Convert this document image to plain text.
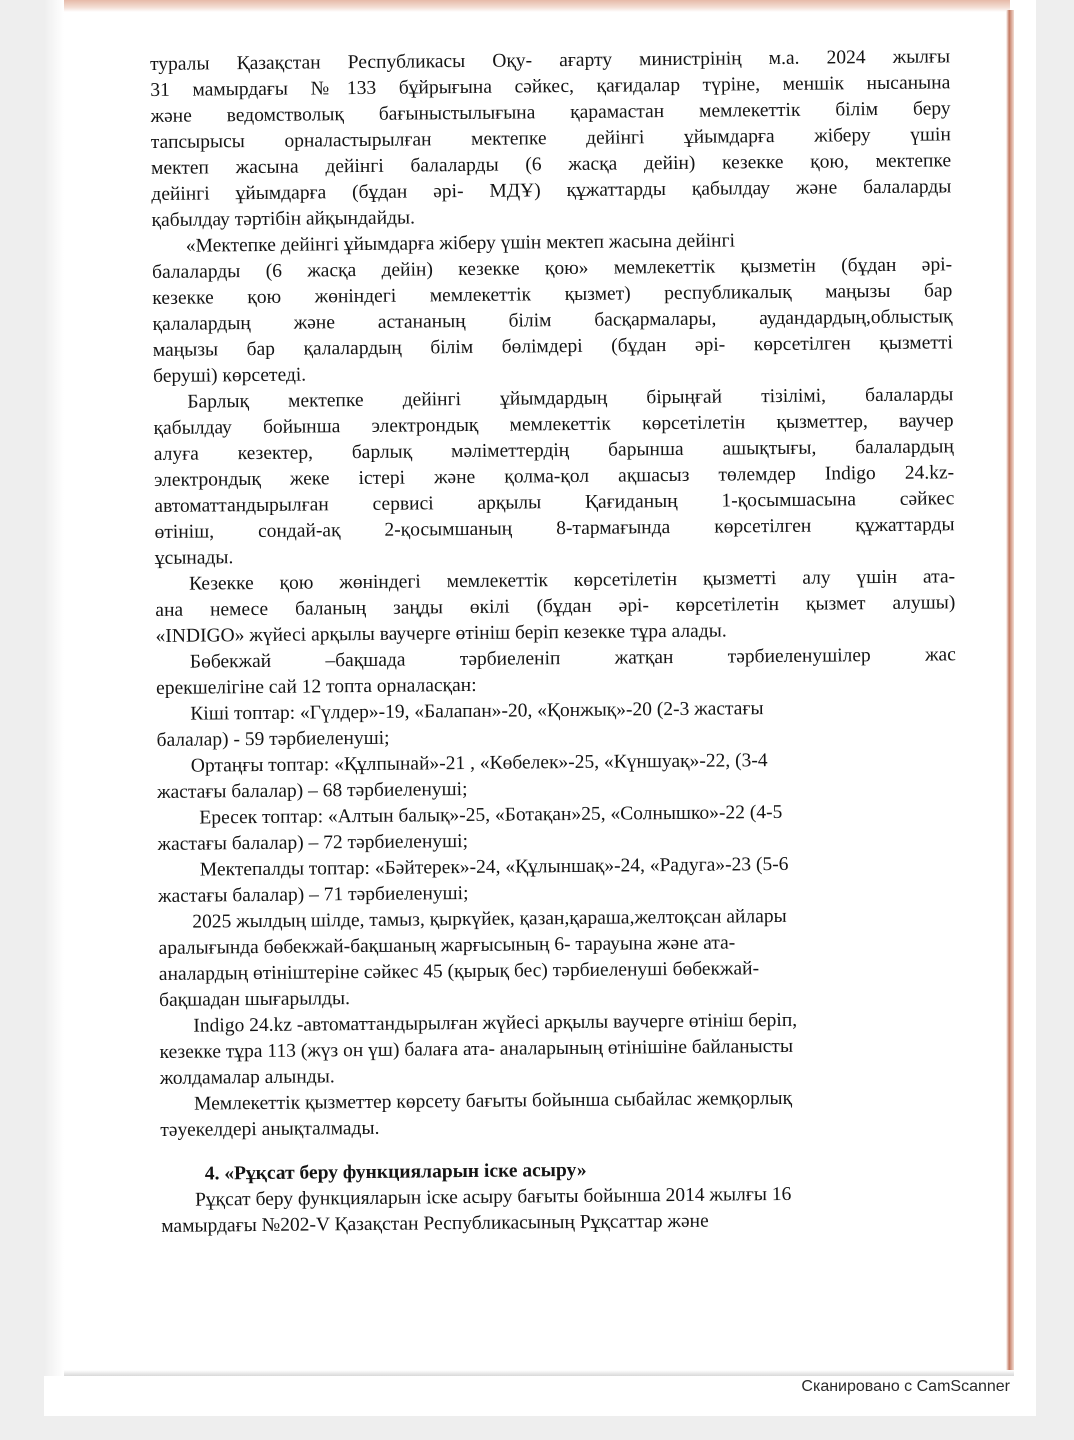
туралы Қазақстан Республикасы Оқу- ағарту министрінің м.а. 2024 жылғы
31 мамырдағы №133 бұйрығына сәйкес, қағидалар түріне, меншік нысанына
және ведомстволық бағыныстылығына қарамастан мемлекеттік білім беру
тапсырысы орналастырылған мектепке дейінгі ұйымдарға жіберу үшін
мектеп жасына дейінгі балаларды (6 жасқа дейін) кезекке қою, мектепке
дейінгі ұйымдарға (бұдан әрі- МДҰ) құжаттарды қабылдау және балаларды
қабылдау тәртібін айқындайды.
«Мектепке дейінгі ұйымдарға жіберу үшін мектеп жасына дейінгі
балаларды (6 жасқа дейін) кезекке қою» мемлекеттік қызметін (бұдан әрі-
кезекке қою жөніндегі мемлекеттік қызмет) республикалық маңызы бар
қалалардың және астананың білім басқармалары, аудандардың,облыстық
маңызы бар қалалардың білім бөлімдері (бұдан әрі- көрсетілген қызметті
беруші) көрсетеді.
Барлық мектепке дейінгі ұйымдардың бірыңғай тізілімі, балаларды
қабылдау бойынша электрондық мемлекеттік көрсетілетін қызметтер, ваучер
алуға кезектер, барлық мәліметтердің барынша ашықтығы, балалардың
электрондық жеке істері және қолма-қол ақшасыз төлемдер Indigo 24.kz-
автоматтандырылған сервисі арқылы Қағиданың 1-қосымшасына сәйкес
өтініш, сондай-ақ 2-қосымшаның 8-тармағында көрсетілген құжаттарды
ұсынады.
Кезекке қою жөніндегі мемлекеттік көрсетілетін қызметті алу үшін ата-
ана немесе баланың заңды өкілі (бұдан әрі- көрсетілетін қызмет алушы)
«INDIGO» жүйесі арқылы ваучерге өтініш беріп кезекке тұра алады.
Бөбекжай –бақшада тәрбиеленіп жатқан тәрбиеленушілер жас
ерекшелігіне сай 12 топта орналасқан:
Кіші топтар: «Гүлдер»-19, «Балапан»-20, «Қонжық»-20 (2-3 жастағы
балалар) - 59 тәрбиеленуші;
Ортаңғы топтар: «Құлпынай»-21 , «Көбелек»-25, «Күншуақ»-22, (3-4
жастағы балалар) – 68 тәрбиеленуші;
Ересек топтар: «Алтын балық»-25, «Ботақан»25, «Солнышко»-22 (4-5
жастағы балалар) – 72 тәрбиеленуші;
Мектепалды топтар: «Бәйтерек»-24, «Құлыншақ»-24, «Радуга»-23 (5-6
жастағы балалар) – 71 тәрбиеленуші;
2025 жылдың шілде, тамыз, қыркүйек, қазан,қараша,желтоқсан айлары
аралығында бөбекжай-бақшаның жарғысының 6- тарауына және ата-
аналардың өтініштеріне сәйкес 45 (қырық бес) тәрбиеленуші бөбекжай-
бақшадан шығарылды.
Indigo 24.kz -автоматтандырылған жүйесі арқылы ваучерге өтініш беріп,
кезекке тұра 113 (жүз он үш) балаға ата- аналарының өтінішіне байланысты
жолдамалар алынды.
Мемлекеттік қызметтер көрсету бағыты бойынша сыбайлас жемқорлық
тәуекелдері анықталмады.
4. «Рұқсат беру функцияларын іске асыру»
Рұқсат беру функцияларын іске асыру бағыты бойынша 2014 жылғы 16
мамырдағы №202-V Қазақстан Республикасының Рұқсаттар және
Сканировано с CamScanner
